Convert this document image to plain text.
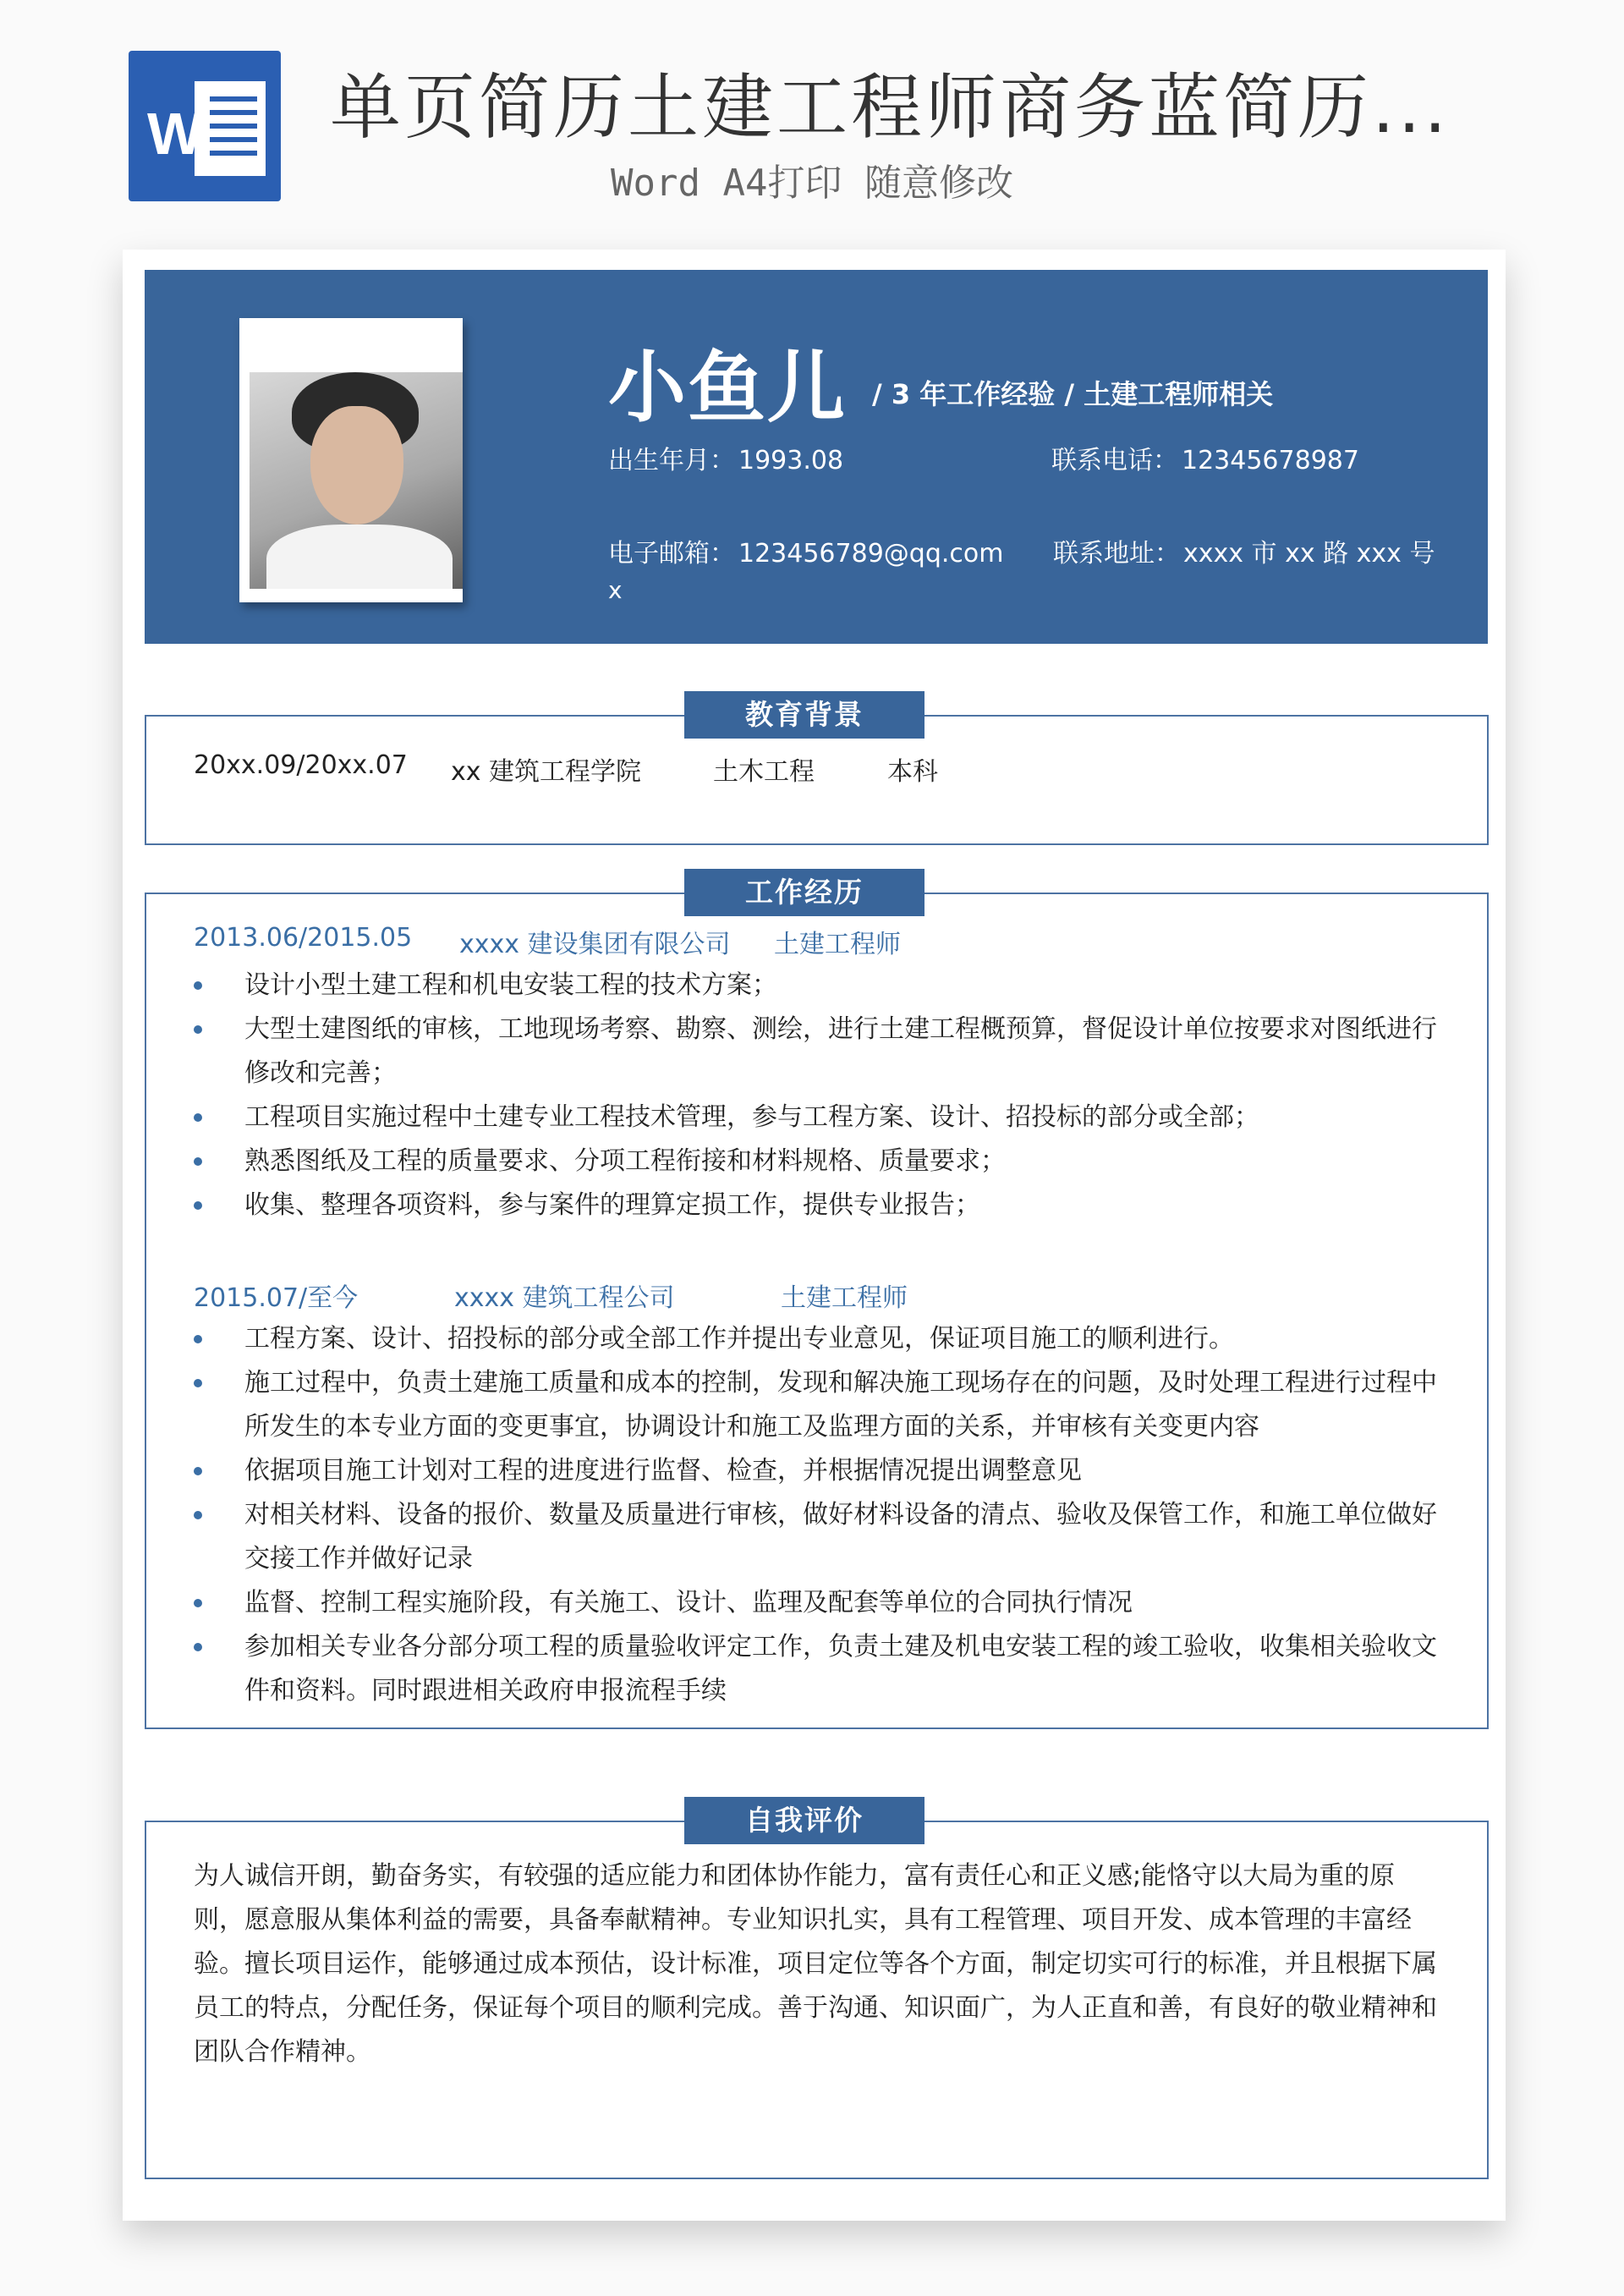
W 单页简历土建工程师商务蓝简历...
Word A4打印 随意修改
小鱼儿 / 3 年工作经验 / 土建工程师相关
出生年月： 1993.08	联系电话： 12345678987
电子邮箱： 123456789@qq.com 联系地址： xxxx 市 xx 路 xxx 号
x
教育背景
20xx.09/20xx.07 xx 建筑工程学院	土木工程	本科
工作经历
2013.06/2015.05 xxxx 建设集团有限公司 土建工程师
设计小型土建工程和机电安装工程的技术方案；
大型土建图纸的审核，工地现场考察、勘察、测绘，进行土建工程概预算，督促设计单位按要求对图纸进行修改和完善；
工程项目实施过程中土建专业工程技术管理，参与工程方案、设计、招投标的部分或全部；
熟悉图纸及工程的质量要求、分项工程衔接和材料规格、质量要求；
收集、整理各项资料，参与案件的理算定损工作，提供专业报告；
2015.07/至今	xxxx 建筑工程公司	土建工程师
工程方案、设计、招投标的部分或全部工作并提出专业意见，保证项目施工的顺利进行。
施工过程中，负责土建施工质量和成本的控制，发现和解决施工现场存在的问题，及时处理工程进行过程中所发生的本专业方面的变更事宜，协调设计和施工及监理方面的关系，并审核有关变更内容
依据项目施工计划对工程的进度进行监督、检查，并根据情况提出调整意见
对相关材料、设备的报价、数量及质量进行审核，做好材料设备的清点、验收及保管工作，和施工单位做好交接工作并做好记录
监督、控制工程实施阶段，有关施工、设计、监理及配套等单位的合同执行情况
参加相关专业各分部分项工程的质量验收评定工作，负责土建及机电安装工程的竣工验收，收集相关验收文件和资料。同时跟进相关政府申报流程手续
自我评价
为人诚信开朗，勤奋务实，有较强的适应能力和团体协作能力，富有责任心和正义感;能恪守以大局为重的原则，愿意服从集体利益的需要，具备奉献精神。专业知识扎实，具有工程管理、项目开发、成本管理的丰富经验。擅长项目运作，能够通过成本预估，设计标准，项目定位等各个方面，制定切实可行的标准，并且根据下属员工的特点，分配任务，保证每个项目的顺利完成。善于沟通、知识面广，为人正直和善，有良好的敬业精神和团队合作精神。
